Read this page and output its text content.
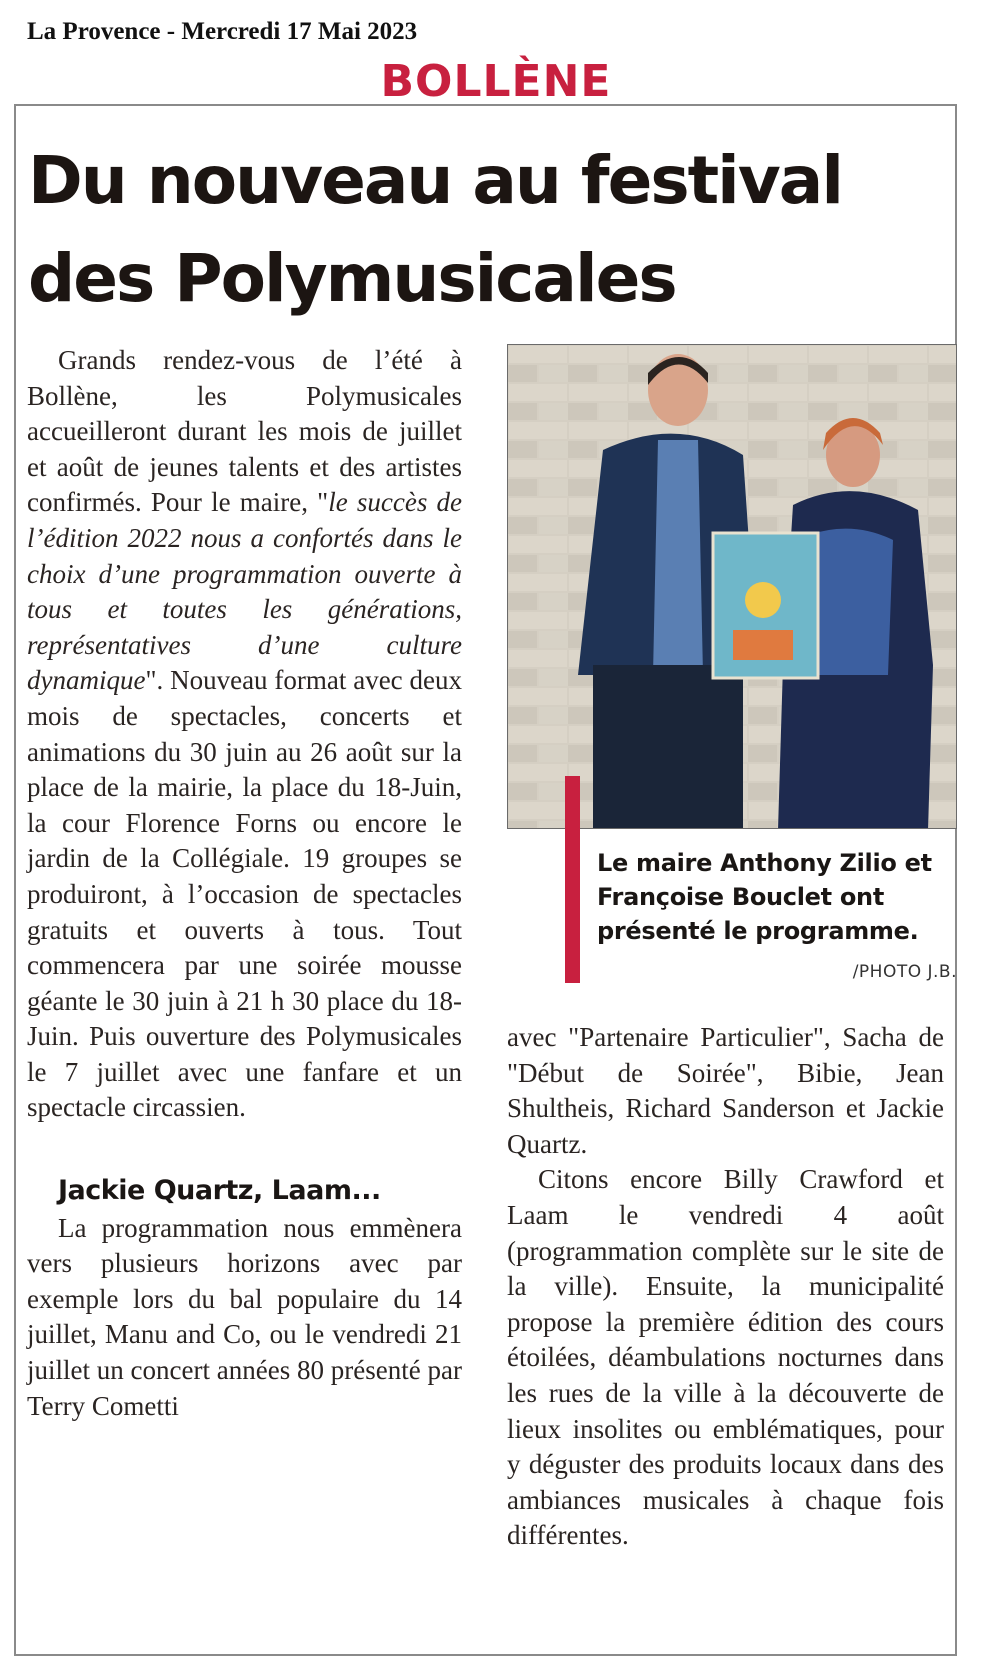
La Provence - Mercredi 17 Mai 2023
BOLLÈNE
Du nouveau au festival
des Polymusicales

Grands rendez-vous de l’été à Bollène, les Polymusicales accueilleront durant les mois de juillet et août de jeunes talents et des artistes confirmés. Pour le maire, "le succès de l’édition 2022 nous a confortés dans le choix d’une programmation ouverte à tous et toutes les générations, représentatives d’une culture dynamique". Nouveau format avec deux mois de spectacles, concerts et animations du 30 juin au 26 août sur la place de la mairie, la place du 18-Juin, la cour Florence Forns ou encore le jardin de la Collégiale. 19 groupes se produiront, à l’occasion de spectacles gratuits et ouverts à tous. Tout commencera par une soirée mousse géante le 30 juin à 21 h 30 place du 18-Juin. Puis ouverture des Polymusicales le 7 juillet avec une fanfare et un spectacle circassien.

Jackie Quartz, Laam...

La programmation nous emmènera vers plusieurs horizons avec par exemple lors du bal populaire du 14 juillet, Manu and Co, ou le vendredi 21 juillet un concert années 80 présenté par Terry Cometti

Le maire Anthony Zilio et Françoise Bouclet ont présenté le programme.
/PHOTO J.B.

avec "Partenaire Particulier", Sacha de "Début de Soirée", Bibie, Jean Shultheis, Richard Sanderson et Jackie Quartz.

Citons encore Billy Crawford et Laam le vendredi 4 août (programmation complète sur le site de la ville). Ensuite, la municipalité propose la première édition des cours étoilées, déambulations nocturnes dans les rues de la ville à la découverte de lieux insolites ou emblématiques, pour y déguster des produits locaux dans des ambiances musicales à chaque fois différentes.
